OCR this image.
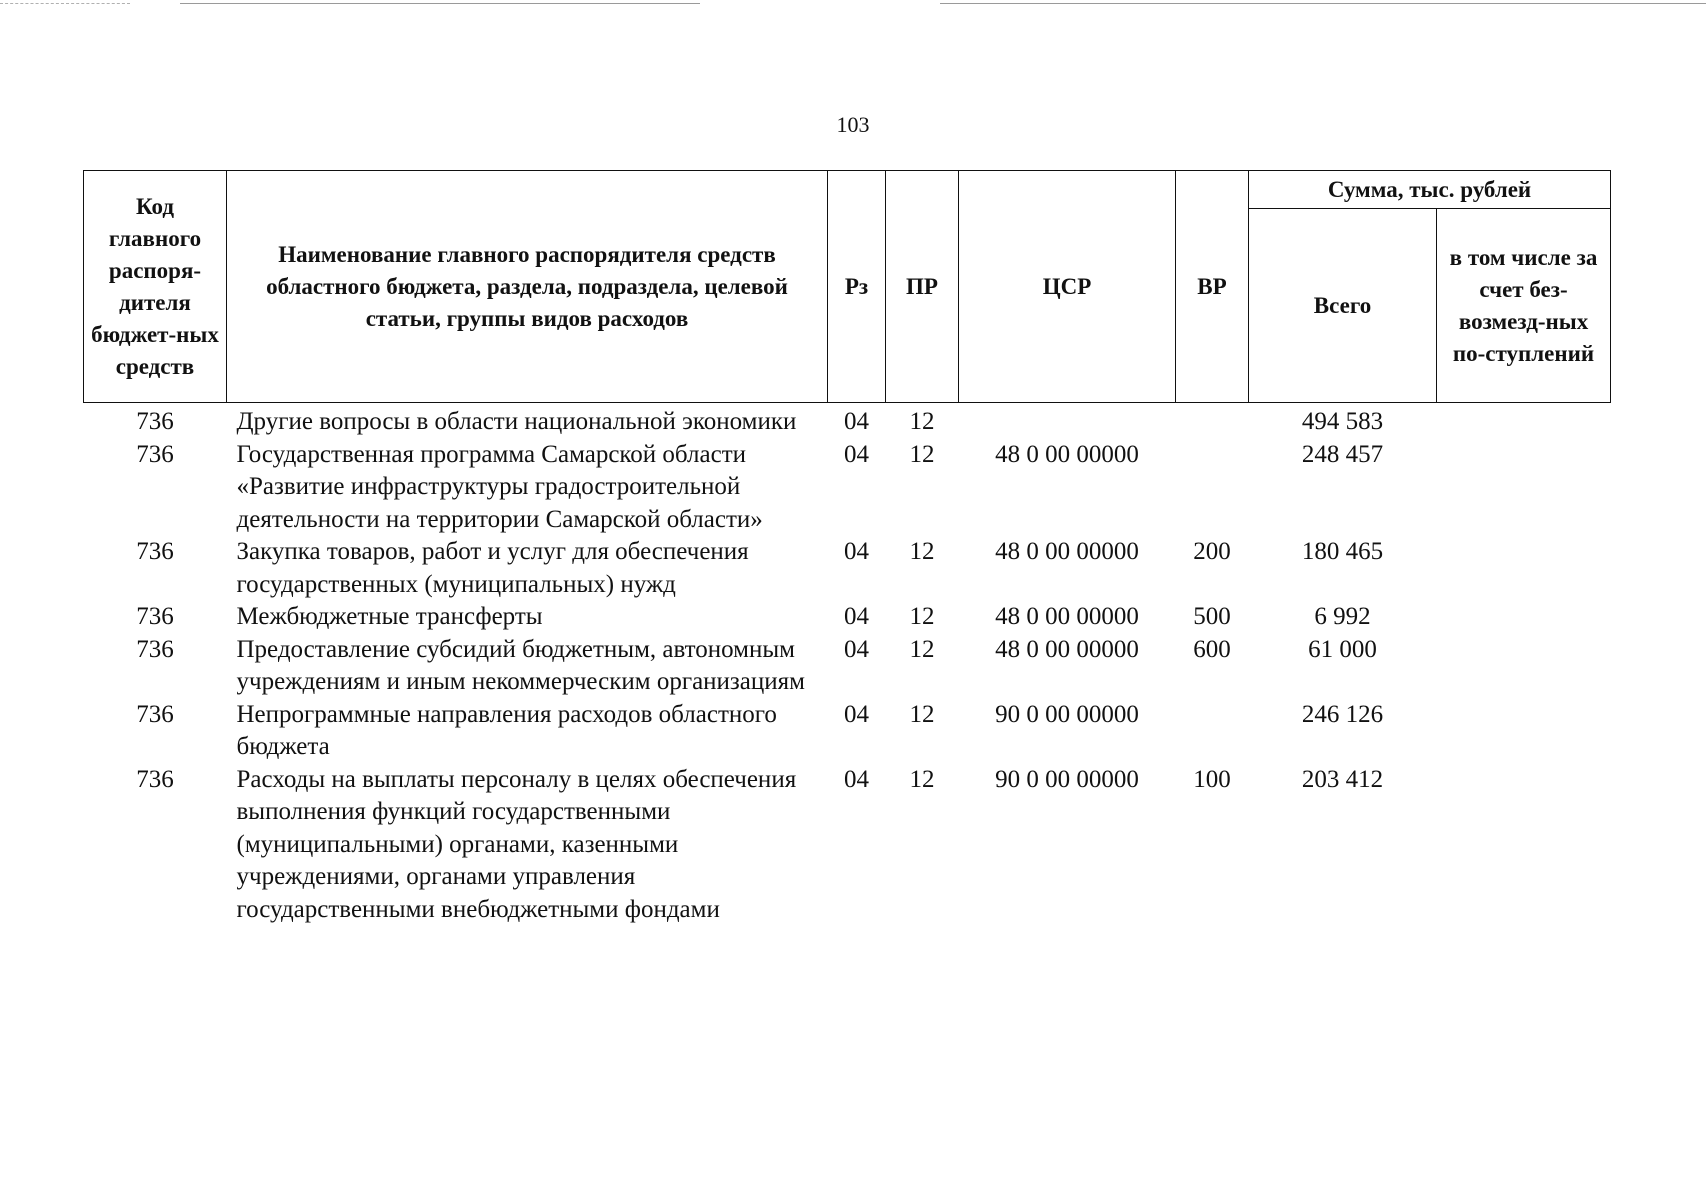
103
Код главного распоря-дителя бюджет-ных средств	Наименование главного распорядителя средств областного бюджета, раздела, подраздела, целевой статьи, группы видов расходов	Рз	ПР	ЦСР	ВР	Сумма, тыс. рублей	
						Всего	в том числе за счет без-возмезд-ных по-ступлений
736	Другие вопросы в области национальной экономики	04	12			494 583	
736	Государственная программа Самарской области «Развитие инфраструктуры градостроительной деятельности на территории Самарской области»	04	12	48 0 00 00000		248 457	
736	Закупка товаров, работ и услуг для обеспечения государственных (муниципальных) нужд	04	12	48 0 00 00000	200	180 465	
736	Межбюджетные трансферты	04	12	48 0 00 00000	500	6 992	
736	Предоставление субсидий бюджетным, автономным учреждениям и иным некоммерческим организациям	04	12	48 0 00 00000	600	61 000	
736	Непрограммные направления расходов областного бюджета	04	12	90 0 00 00000		246 126	
736	Расходы на выплаты персоналу в целях обеспечения выполнения функций государственными (муниципальными) органами, казенными учреждениями, органами управления государственными внебюджетными фондами	04	12	90 0 00 00000	100	203 412	
